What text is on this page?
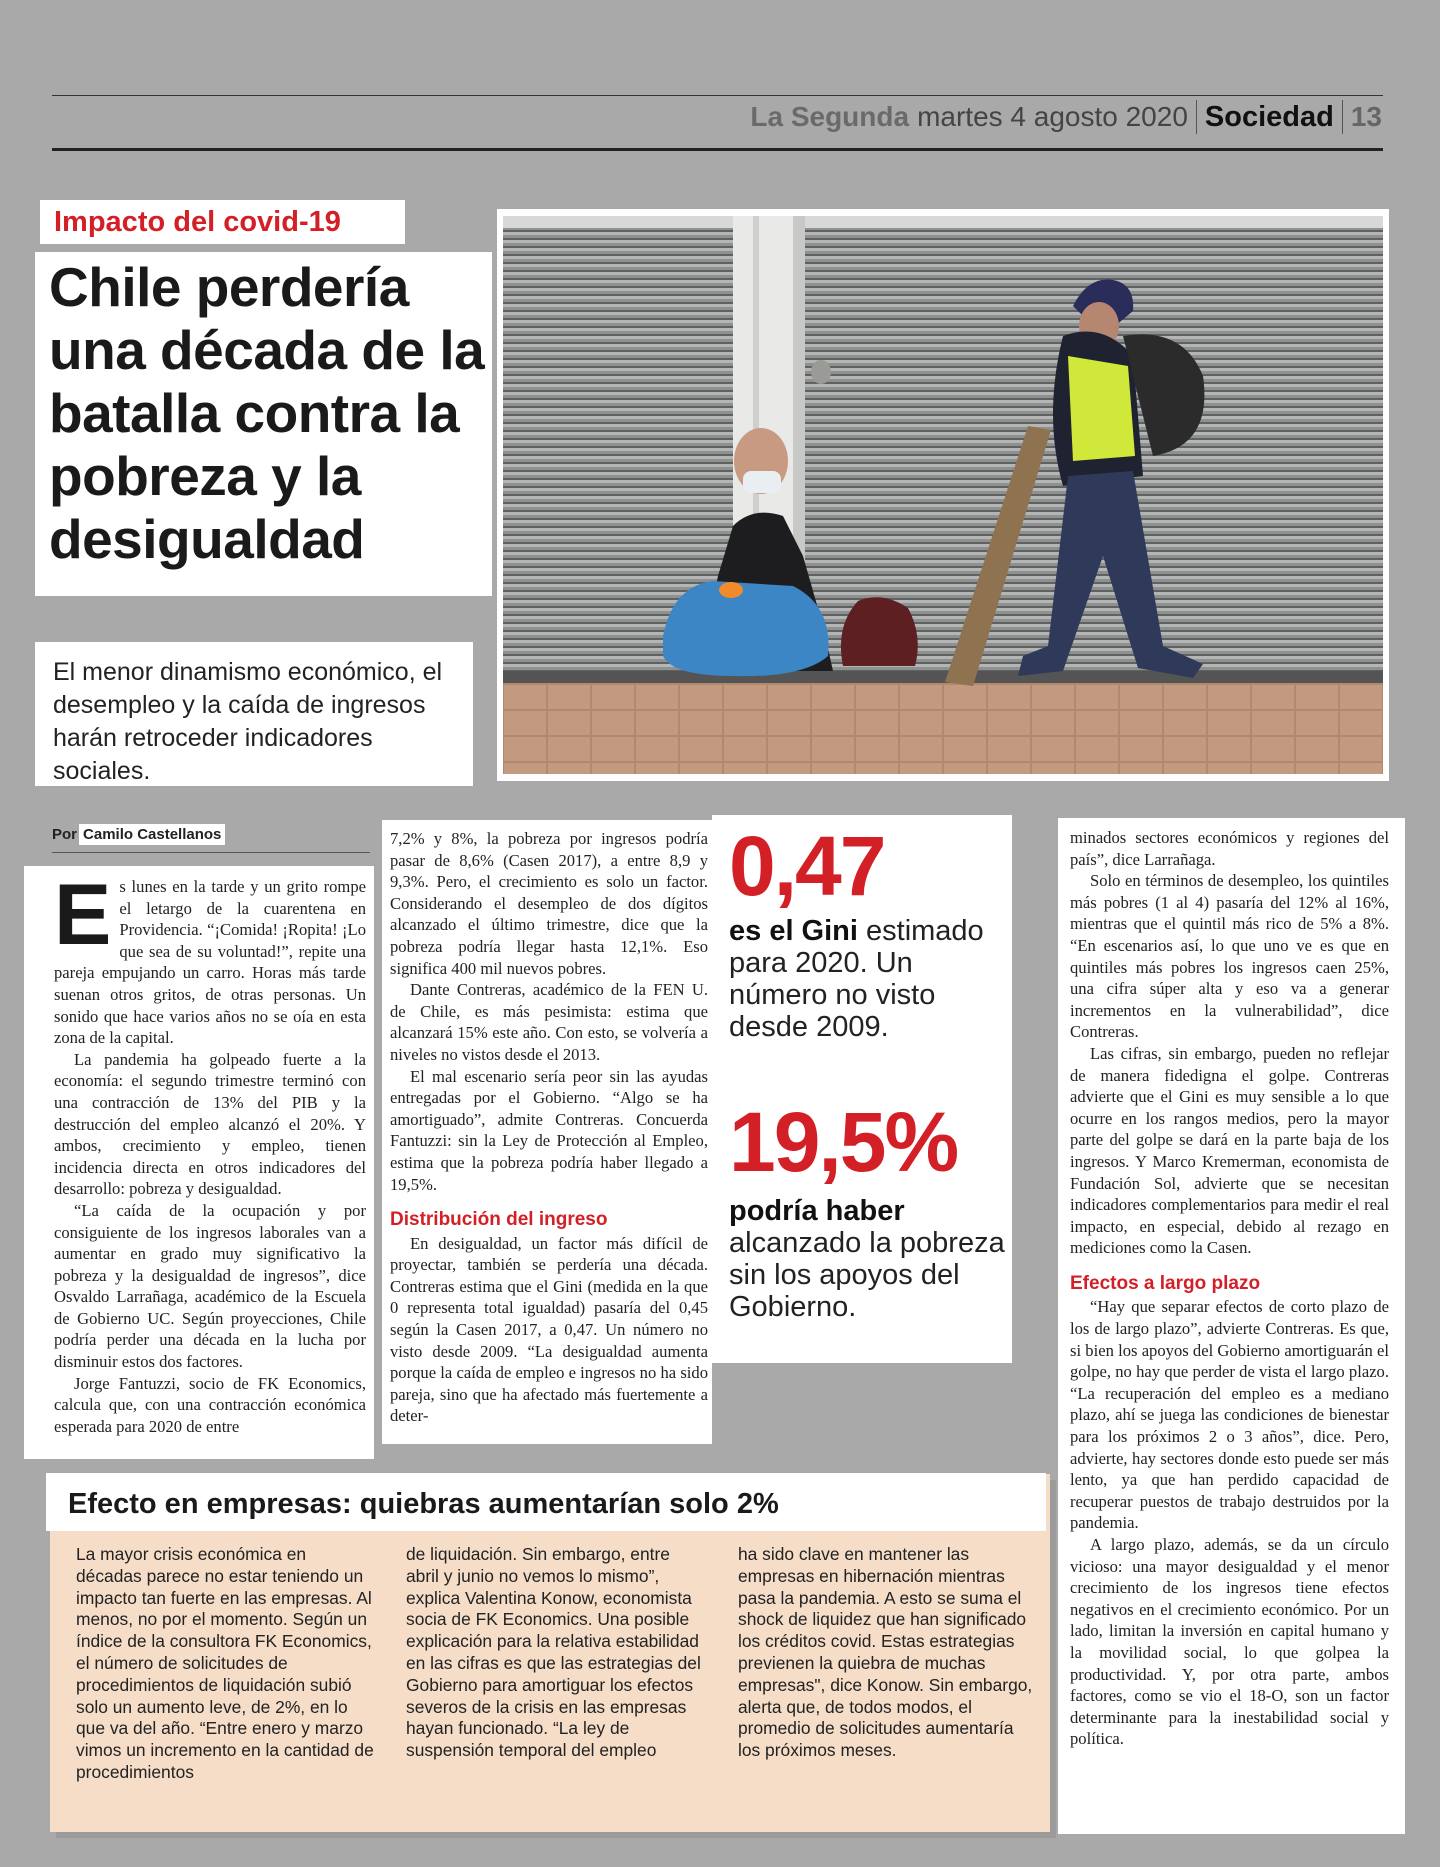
La Segunda martes 4 agosto 2020 Sociedad 13
Impacto del covid-19
Chile perdería una década de la batalla contra la pobreza y la desigualdad

El menor dinamismo económico, el desempleo y la caída de ingresos harán retroceder indicadores sociales.

Por Camilo Castellanos
E s lunes en la tarde y un grito rompe el letargo de la cuarentena en Providencia. “¡Comida! ¡Ropita! ¡Lo que sea de su voluntad!”, repite una pareja empujando un carro. Horas más tarde suenan otros gritos, de otras personas. Un sonido que hace varios años no se oía en esta zona de la capital.

La pandemia ha golpeado fuerte a la economía: el segundo trimestre terminó con una contracción de 13% del PIB y la destrucción del empleo alcanzó el 20%. Y ambos, crecimiento y empleo, tienen incidencia directa en otros indicadores del desarrollo: pobreza y desigualdad.

“La caída de la ocupación y por consiguiente de los ingresos laborales van a aumentar en grado muy significativo la pobreza y la desigualdad de ingresos”, dice Osvaldo Larrañaga, académico de la Escuela de Gobierno UC. Según proyecciones, Chile podría perder una década en la lucha por disminuir estos dos factores.

Jorge Fantuzzi, socio de FK Economics, calcula que, con una contracción económica esperada para 2020 de entre

7,2% y 8%, la pobreza por ingresos podría pasar de 8,6% (Casen 2017), a entre 8,9 y 9,3%. Pero, el crecimiento es solo un factor. Considerando el desempleo de dos dígitos alcanzado el último trimestre, dice que la pobreza podría llegar hasta 12,1%. Eso significa 400 mil nuevos pobres.

Dante Contreras, académico de la FEN U. de Chile, es más pesimista: estima que alcanzará 15% este año. Con esto, se volvería a niveles no vistos desde el 2013.

El mal escenario sería peor sin las ayudas entregadas por el Gobierno. “Algo se ha amortiguado”, admite Contreras. Concuerda Fantuzzi: sin la Ley de Protección al Empleo, estima que la pobreza podría haber llegado a 19,5%.

Distribución del ingreso

En desigualdad, un factor más difícil de proyectar, también se perdería una década. Contreras estima que el Gini (medida en la que 0 representa total igualdad) pasaría del 0,45 según la Casen 2017, a 0,47. Un número no visto desde 2009. “La desigualdad aumenta porque la caída de empleo e ingresos no ha sido pareja, sino que ha afectado más fuertemente a deter-

0,47
es el Gini estimado para 2020. Un número no visto desde 2009.
19,5%
podría haber alcanzado la pobreza sin los apoyos del Gobierno.

minados sectores económicos y regiones del país”, dice Larrañaga.

Solo en términos de desempleo, los quintiles más pobres (1 al 4) pasaría del 12% al 16%, mientras que el quintil más rico de 5% a 8%. “En escenarios así, lo que uno ve es que en quintiles más pobres los ingresos caen 25%, una cifra súper alta y eso va a generar incrementos en la vulnerabilidad”, dice Contreras.

Las cifras, sin embargo, pueden no reflejar de manera fidedigna el golpe. Contreras advierte que el Gini es muy sensible a lo que ocurre en los rangos medios, pero la mayor parte del golpe se dará en la parte baja de los ingresos. Y Marco Kremerman, economista de Fundación Sol, advierte que se necesitan indicadores complementarios para medir el real impacto, en especial, debido al rezago en mediciones como la Casen.

Efectos a largo plazo

“Hay que separar efectos de corto plazo de los de largo plazo”, advierte Contreras. Es que, si bien los apoyos del Gobierno amortiguarán el golpe, no hay que perder de vista el largo plazo. “La recuperación del empleo es a mediano plazo, ahí se juega las condiciones de bienestar para los próximos 2 o 3 años”, dice. Pero, advierte, hay sectores donde esto puede ser más lento, ya que han perdido capacidad de recuperar puestos de trabajo destruidos por la pandemia.

A largo plazo, además, se da un círculo vicioso: una mayor desigualdad y el menor crecimiento de los ingresos tiene efectos negativos en el crecimiento económico. Por un lado, limitan la inversión en capital humano y la movilidad social, lo que golpea la productividad. Y, por otra parte, ambos factores, como se vio el 18-O, son un factor determinante para la inestabilidad social y política.

Efecto en empresas: quiebras aumentarían solo 2%
La mayor crisis económica en décadas parece no estar teniendo un impacto tan fuerte en las empresas. Al menos, no por el momento. Según un índice de la consultora FK Economics, el número de solicitudes de procedimientos de liquidación subió solo un aumento leve, de 2%, en lo que va del año. “Entre enero y marzo vimos un incremento en la cantidad de procedimientos
de liquidación. Sin embargo, entre abril y junio no vemos lo mismo”, explica Valentina Konow, economista socia de FK Economics. Una posible explicación para la relativa estabilidad en las cifras es que las estrategias del Gobierno para amortiguar los efectos severos de la crisis en las empresas hayan funcionado. “La ley de suspensión temporal del empleo
ha sido clave en mantener las empresas en hibernación mientras pasa la pandemia. A esto se suma el shock de liquidez que han significado los créditos covid. Estas estrategias previenen la quiebra de muchas empresas", dice Konow. Sin embargo, alerta que, de todos modos, el promedio de solicitudes aumentaría los próximos meses.
